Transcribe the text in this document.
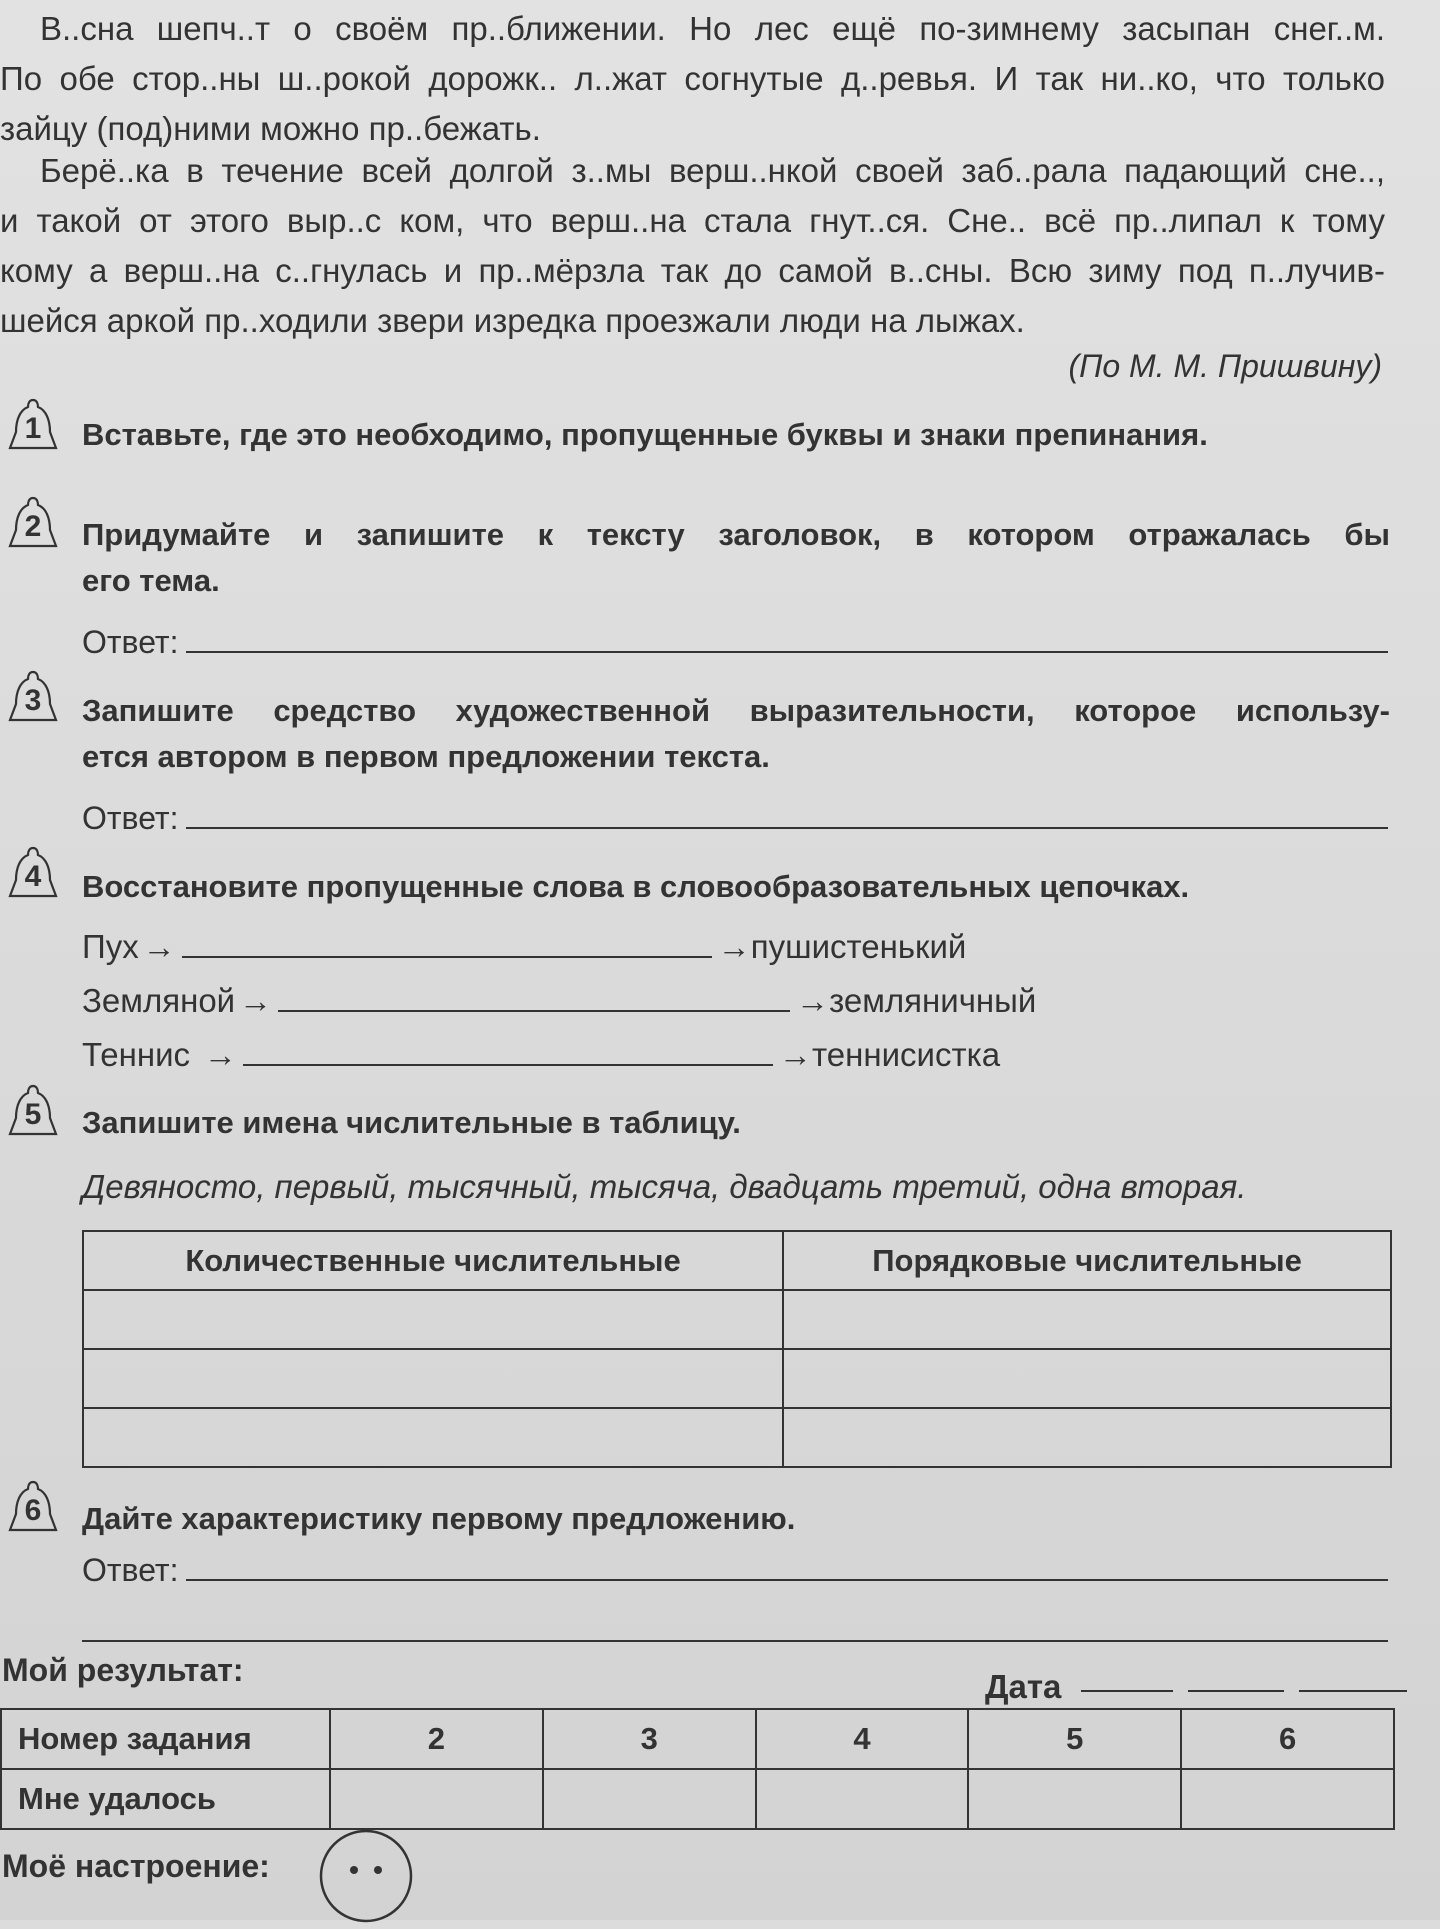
В..сна шепч..т о своём пр..ближении. Но лес ещё по-зимнему засыпан снег..м.
По обе стор..ны ш..рокой дорожк.. л..жат согнутые д..ревья. И так ни..ко, что только
зайцу (под)ними можно пр..бежать.
Берё..ка в течение всей долгой з..мы верш..нкой своей заб..рала падающий сне..,
и такой от этого выр..с ком, что верш..на стала гнут..ся. Сне.. всё пр..липал к тому
кому а верш..на с..гнулась и пр..мёрзла так до самой в..сны. Всю зиму под п..лучив-
шейся аркой пр..ходили звери изредка проезжали люди на лыжах.
(По М. М. Пришвину)
1	Вставьте, где это необходимо, пропущенные буквы и знаки препинания.
2	Придумайте и запишите к тексту заголовок, в котором отражалась бы
его тема.
Ответ:
3	Запишите средство художественной выразительности, которое использу-
ется автором в первом предложении текста.
Ответ:
4	Восстановите пропущенные слова в словообразовательных цепочках.
Пух →	→ пушистенький
Земляной →	→ земляничный
Теннис →	→ теннисистка
5	Запишите имена числительные в таблицу.
Девяносто, первый, тысячный, тысяча, двадцать третий, одна вторая.
Количественные числительные	Порядковые числительные

6	Дайте характеристику первому предложению.
Ответ:
Мой результат:	Дата
Номер задания	2	3	4	5	6
Мне удалось					
Моё настроение:
